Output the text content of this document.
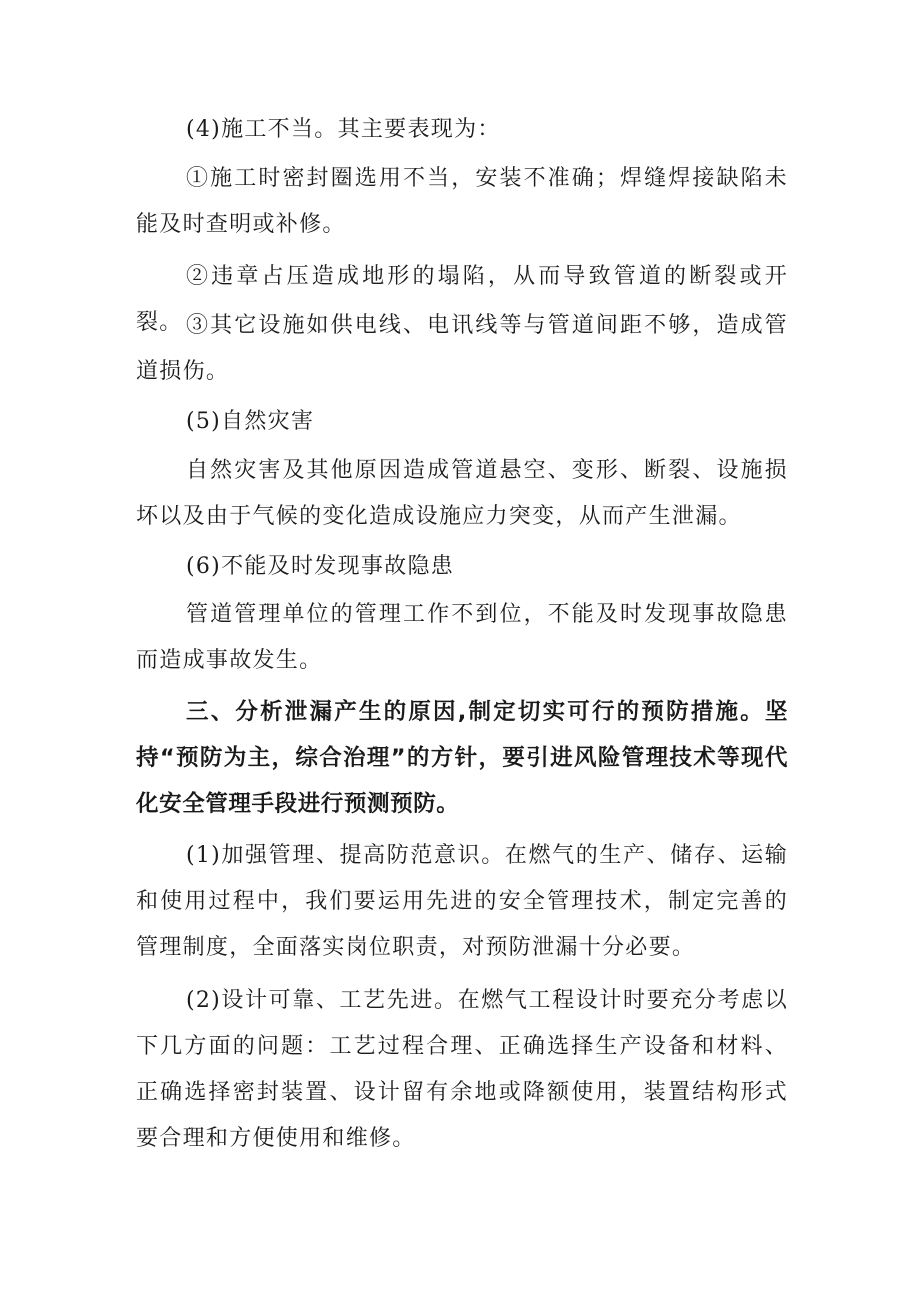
(4)施工不当。其主要表现为：

①施工时密封圈选用不当，安装不准确；焊缝焊接缺陷未能及时查明或补修。

②违章占压造成地形的塌陷，从而导致管道的断裂或开裂。 ③其它设施如供电线、电讯线等与管道间距不够，造成管道损伤。

(5)自然灾害

自然灾害及其他原因造成管道悬空、变形、断裂、设施损坏以及由于气候的变化造成设施应力突变，从而产生泄漏。

(6)不能及时发现事故隐患

管道管理单位的管理工作不到位，不能及时发现事故隐患而造成事故发生。

三、分析泄漏产生的原因,制定切实可行的预防措施。坚持“预防为主，综合治理”的方针，要引进风险管理技术等现代化安全管理手段进行预测预防。

(1)加强管理、提高防范意识。在燃气的生产、储存、运输和使用过程中，我们要运用先进的安全管理技术，制定完善的管理制度，全面落实岗位职责，对预防泄漏十分必要。

(2)设计可靠、工艺先进。在燃气工程设计时要充分考虑以下几方面的问题：工艺过程合理、正确选择生产设备和材料、正确选择密封装置、设计留有余地或降额使用，装置结构形式要合理和方便使用和维修。
